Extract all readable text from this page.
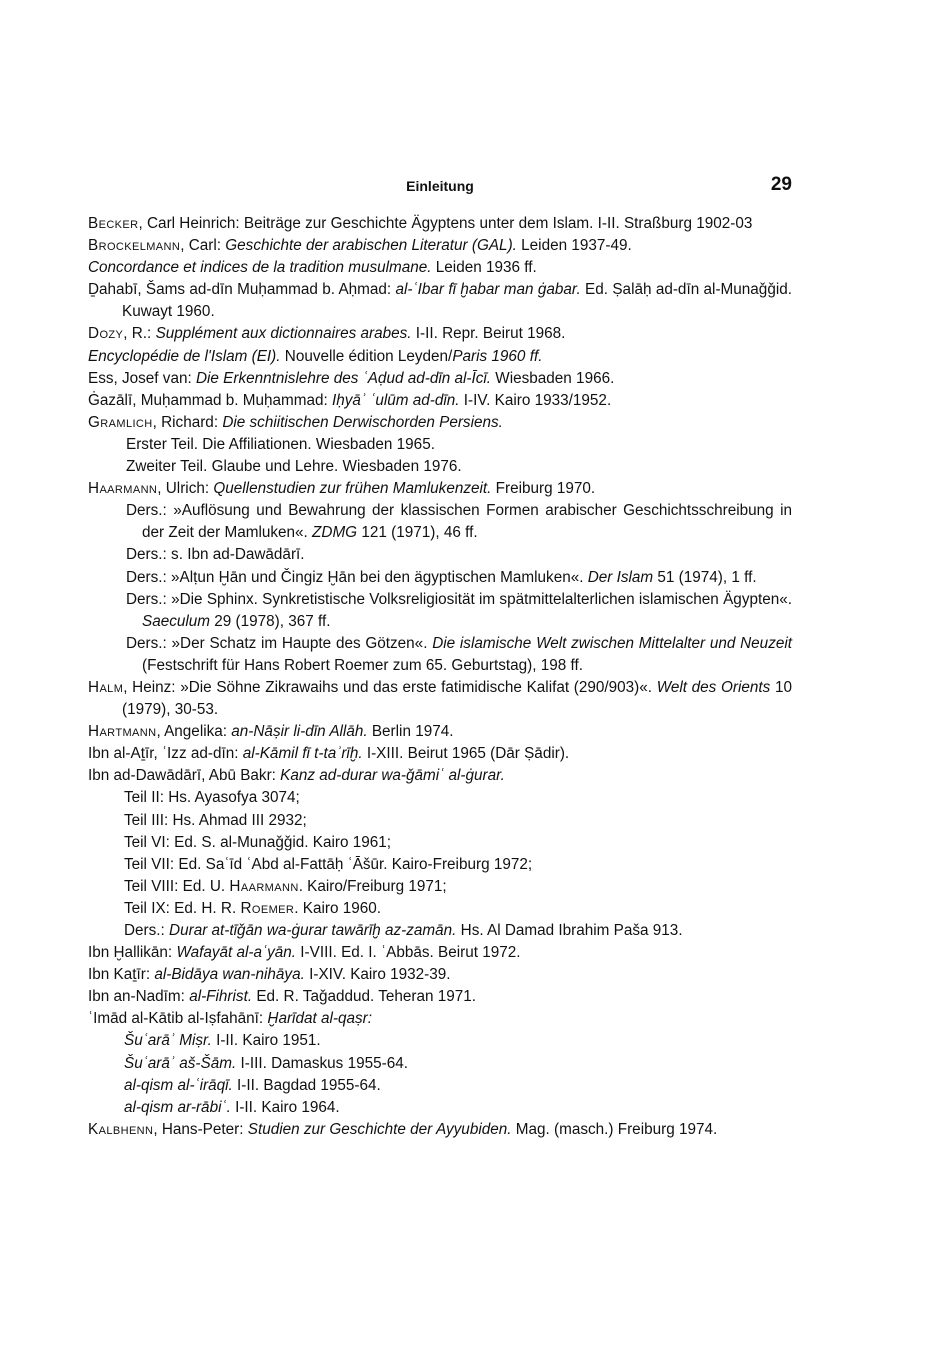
Einleitung	29

Becker, Carl Heinrich: Beiträge zur Geschichte Ägyptens unter dem Islam. I-II. Straßburg 1902-03

Brockelmann, Carl: Geschichte der arabischen Literatur (GAL). Leiden 1937-49.

Concordance et indices de la tradition musulmane. Leiden 1936 ff.

Ḏahabī, Šams ad-dīn Muḥammad b. Aḥmad: al-ʿIbar fī ḫabar man ġabar. Ed. Ṣalāḥ ad-dīn al-Munaǧǧid. Kuwayt 1960.

Dozy, R.: Supplément aux dictionnaires arabes. I-II. Repr. Beirut 1968.

Encyclopédie de l'Islam (EI). Nouvelle édition Leyden/Paris 1960 ff.

Ess, Josef van: Die Erkenntnislehre des ʿAḍud ad-dīn al-Īcī. Wiesbaden 1966.

Ġazālī, Muḥammad b. Muḥammad: Iḥyāʾ ʿulūm ad-dīn. I-IV. Kairo 1933/1952.

Gramlich, Richard: Die schiitischen Derwischorden Persiens.

Erster Teil. Die Affiliationen. Wiesbaden 1965.

Zweiter Teil. Glaube und Lehre. Wiesbaden 1976.

Haarmann, Ulrich: Quellenstudien zur frühen Mamlukenzeit. Freiburg 1970.

Ders.: »Auflösung und Bewahrung der klassischen Formen arabischer Geschichtsschreibung in der Zeit der Mamluken«. ZDMG 121 (1971), 46 ff.

Ders.: s. Ibn ad-Dawādārī.

Ders.: »Alṭun Ḫān und Čingiz Ḫān bei den ägyptischen Mamluken«. Der Islam 51 (1974), 1 ff.

Ders.: »Die Sphinx. Synkretistische Volksreligiosität im spätmittelalterlichen islamischen Ägypten«. Saeculum 29 (1978), 367 ff.

Ders.: »Der Schatz im Haupte des Götzen«. Die islamische Welt zwischen Mittelalter und Neuzeit (Festschrift für Hans Robert Roemer zum 65. Geburtstag), 198 ff.

Halm, Heinz: »Die Söhne Zikrawaihs und das erste fatimidische Kalifat (290/903)«. Welt des Orients 10 (1979), 30-53.

Hartmann, Angelika: an-Nāṣir li-dīn Allāh. Berlin 1974.

Ibn al-Aṯīr, ʿIzz ad-dīn: al-Kāmil fī t-taʾrīḫ. I-XIII. Beirut 1965 (Dār Ṣādir).

Ibn ad-Dawādārī, Abū Bakr: Kanz ad-durar wa-ǧāmiʿ al-ġurar.

Teil II: Hs. Ayasofya 3074;

Teil III: Hs. Ahmad III 2932;

Teil VI: Ed. S. al-Munaǧǧid. Kairo 1961;

Teil VII: Ed. Saʿīd ʿAbd al-Fattāḥ ʿĀšūr. Kairo-Freiburg 1972;

Teil VIII: Ed. U. Haarmann. Kairo/Freiburg 1971;

Teil IX: Ed. H. R. Roemer. Kairo 1960.

Ders.: Durar at-tīǧān wa-ġurar tawārīḫ az-zamān. Hs. Al Damad Ibrahim Paša 913.

Ibn Ḫallikān: Wafayāt al-aʿyān. I-VIII. Ed. I. ʿAbbās. Beirut 1972.

Ibn Kaṯīr: al-Bidāya wan-nihāya. I-XIV. Kairo 1932-39.

Ibn an-Nadīm: al-Fihrist. Ed. R. Taǧaddud. Teheran 1971.

ʿImād al-Kātib al-Iṣfahānī: Ḫarīdat al-qaṣr:

Šuʿarāʾ Miṣr. I-II. Kairo 1951.

Šuʿarāʾ aš-Šām. I-III. Damaskus 1955-64.

al-qism al-ʿirāqī. I-II. Bagdad 1955-64.

al-qism ar-rābiʿ. I-II. Kairo 1964.

Kalbhenn, Hans-Peter: Studien zur Geschichte der Ayyubiden. Mag. (masch.) Freiburg 1974.
